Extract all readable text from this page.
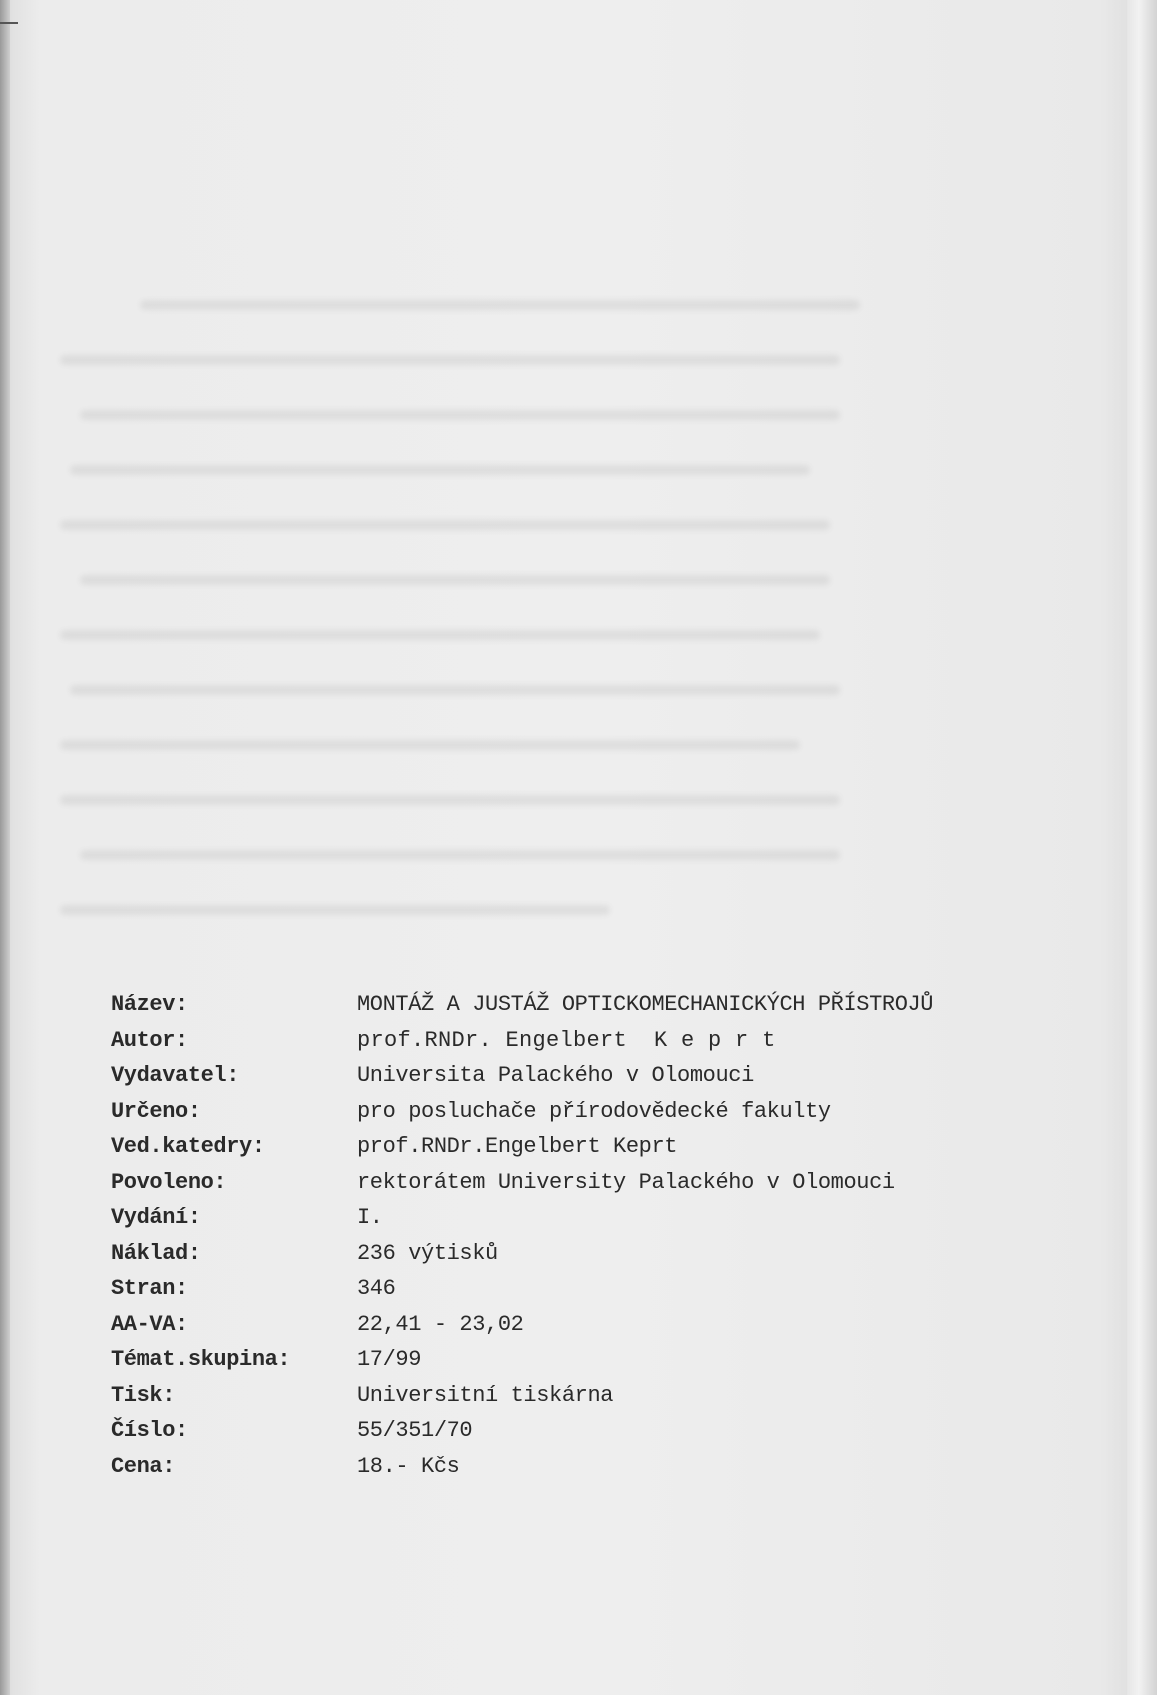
Název:	MONTÁŽ A JUSTÁŽ OPTICKOMECHANICKÝCH PŘÍSTROJŮ
Autor:	prof.RNDr. Engelbert  K e p r t
Vydavatel:	Universita Palackého v Olomouci
Určeno:	pro posluchače přírodovědecké fakulty
Ved.katedry:	prof.RNDr.Engelbert Keprt
Povoleno:	rektorátem University Palackého v Olomouci
Vydání:	I.
Náklad:	236 výtisků
Stran:	346
AA-VA:	22,41 - 23,02
Témat.skupina:	17/99
Tisk:	Universitní tiskárna
Číslo:	55/351/70
Cena:	18.- Kčs
